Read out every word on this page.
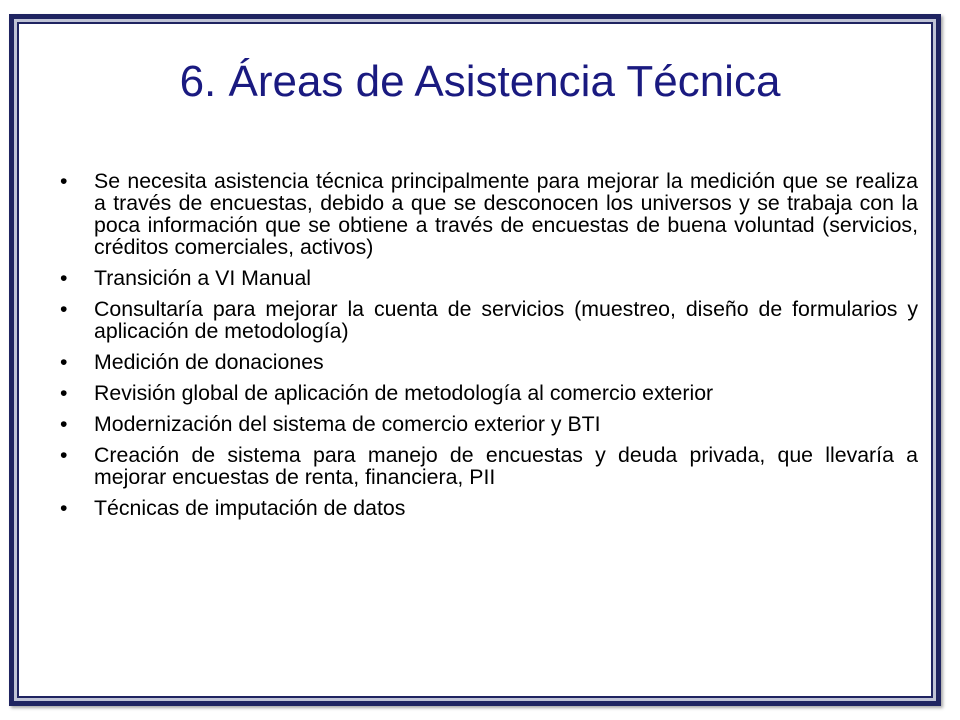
6. Áreas de Asistencia Técnica
•	Se necesita asistencia técnica principalmente para mejorar la medición que se realiza a través de encuestas, debido a que se desconocen los universos y se trabaja con la poca información que se obtiene a través de encuestas de buena voluntad (servicios, créditos comerciales, activos)
•	Transición a VI Manual
•	Consultaría para mejorar la cuenta de servicios (muestreo, diseño de formularios y aplicación de metodología)
•	Medición de donaciones
•	Revisión global de aplicación de metodología al comercio exterior
•	Modernización del sistema de comercio exterior y BTI
•	Creación de sistema para manejo de encuestas y deuda privada, que llevaría a mejorar encuestas de renta, financiera, PII
•	Técnicas de imputación de datos
